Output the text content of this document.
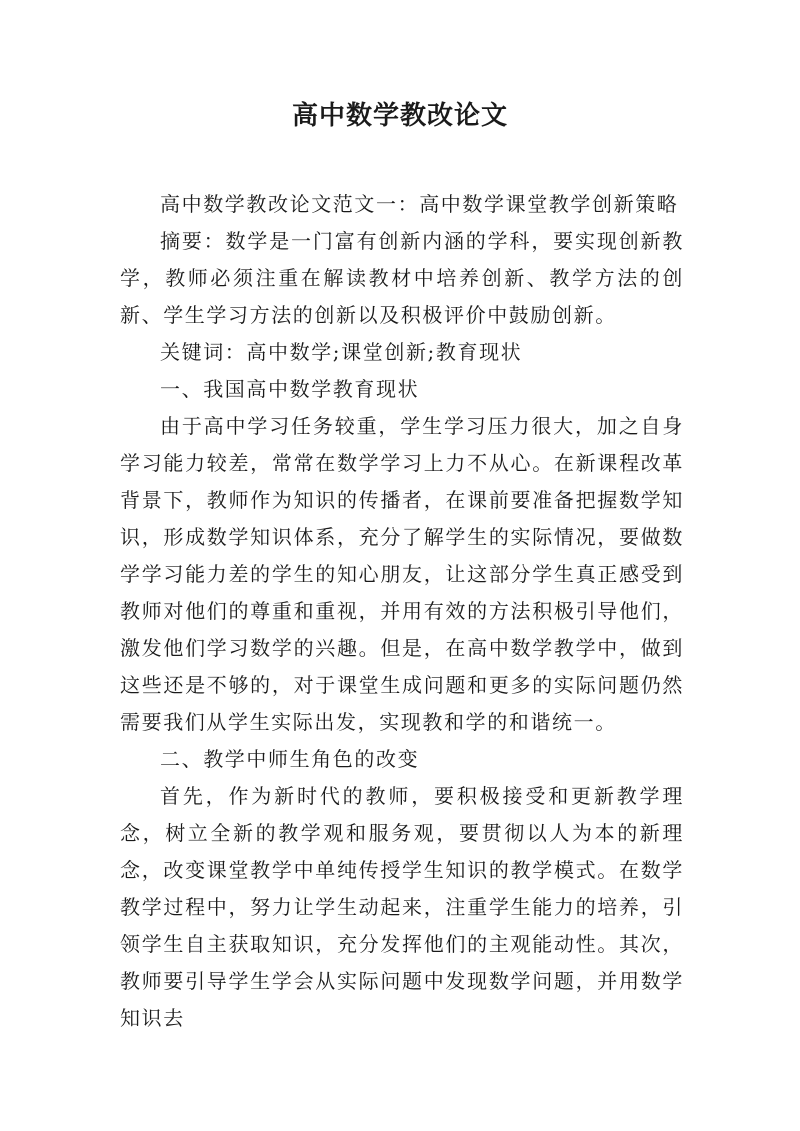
高中数学教改论文

高中数学教改论文范文一：高中数学课堂教学创新策略

摘要：数学是一门富有创新内涵的学科，要实现创新教学，教师必须注重在解读教材中培养创新、教学方法的创新、学生学习方法的创新以及积极评价中鼓励创新。

关键词：高中数学;课堂创新;教育现状

一、我国高中数学教育现状

由于高中学习任务较重，学生学习压力很大，加之自身学习能力较差，常常在数学学习上力不从心。在新课程改革背景下，教师作为知识的传播者，在课前要准备把握数学知识，形成数学知识体系，充分了解学生的实际情况，要做数学学习能力差的学生的知心朋友，让这部分学生真正感受到教师对他们的尊重和重视，并用有效的方法积极引导他们，激发他们学习数学的兴趣。但是，在高中数学教学中，做到这些还是不够的，对于课堂生成问题和更多的实际问题仍然需要我们从学生实际出发，实现教和学的和谐统一。

二、教学中师生角色的改变

首先，作为新时代的教师，要积极接受和更新教学理念，树立全新的教学观和服务观，要贯彻以人为本的新理念，改变课堂教学中单纯传授学生知识的教学模式。在数学教学过程中，努力让学生动起来，注重学生能力的培养，引领学生自主获取知识，充分发挥他们的主观能动性。其次，教师要引导学生学会从实际问题中发现数学问题，并用数学知识去
